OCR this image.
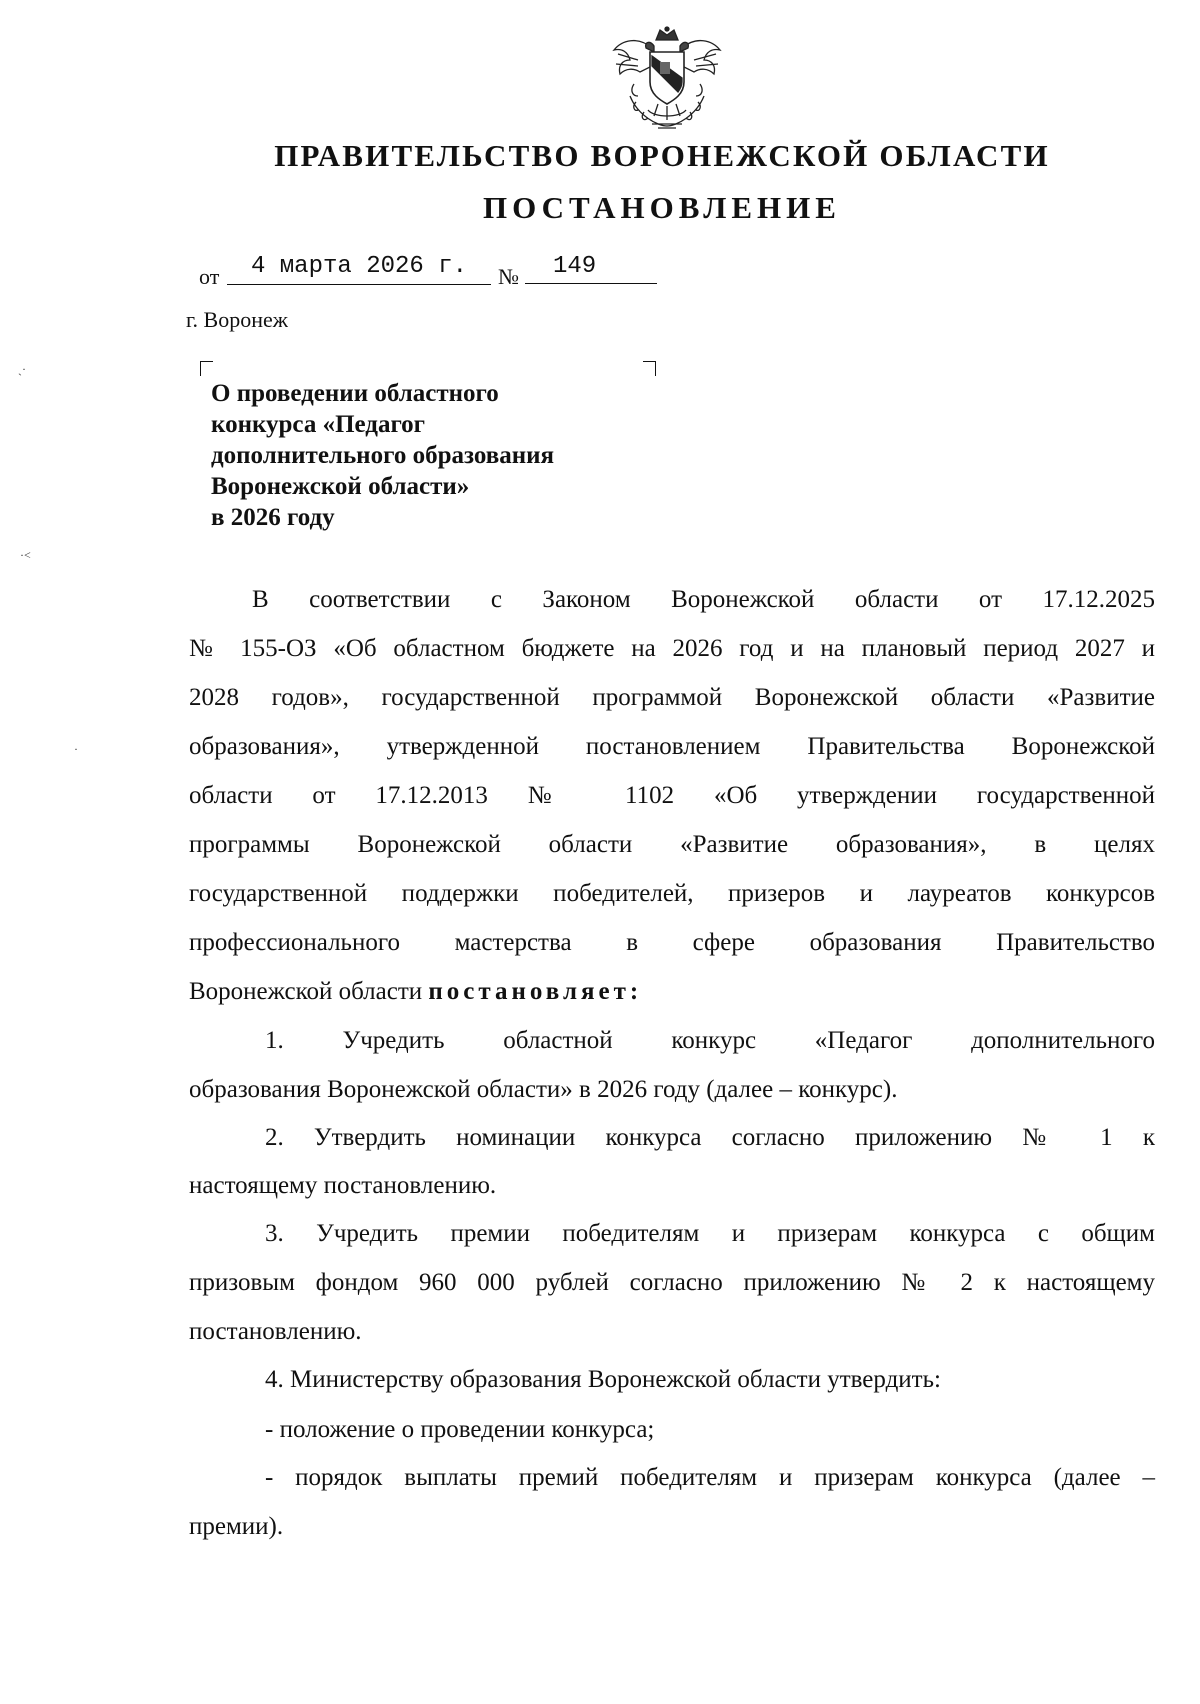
ПРАВИТЕЛЬСТВО ВОРОНЕЖСКОЙ ОБЛАСТИ
ПОСТАНОВЛЕНИЕ
от	4 марта 2026 г.	№	149
г. Воронеж
О проведении областного
конкурса «Педагог
дополнительного образования
Воронежской области»
в 2026 году
В соответствии с Законом Воронежской области от 17.12.2025
№ 155-ОЗ «Об областном бюджете на 2026 год и на плановый период 2027 и
2028 годов», государственной программой Воронежской области «Развитие
образования», утвержденной постановлением Правительства Воронежской
области от 17.12.2013 № 1102 «Об утверждении государственной
программы Воронежской области «Развитие образования», в целях
государственной поддержки победителей, призеров и лауреатов конкурсов
профессионального мастерства в сфере образования Правительство
Воронежской области постановляет:
1. Учредить областной конкурс «Педагог дополнительного
образования Воронежской области» в 2026 году (далее – конкурс).
2. Утвердить номинации конкурса согласно приложению № 1 к
настоящему постановлению.
3. Учредить премии победителям и призерам конкурса с общим
призовым фондом 960 000 рублей согласно приложению № 2 к настоящему
постановлению.
4. Министерству образования Воронежской области утвердить:
- положение о проведении конкурса;
- порядок выплаты премий победителям и призерам конкурса (далее –
премии).
ˎ·
·˂
·
